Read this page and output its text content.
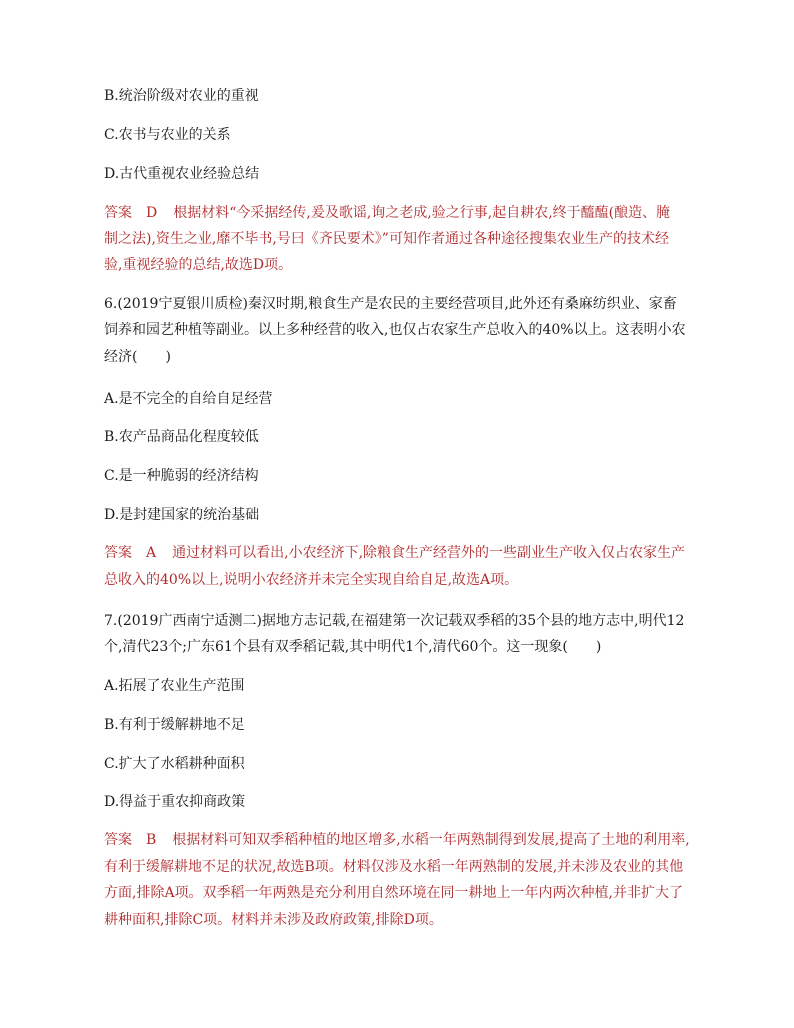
B.统治阶级对农业的重视
C.农书与农业的关系
D.古代重视农业经验总结
答案 D 根据材料“今采据经传,爰及歌谣,询之老成,验之行事,起自耕农,终于醯醢(酿造、腌
制之法),资生之业,靡不毕书,号曰《齐民要术》”可知作者通过各种途径搜集农业生产的技术经
验,重视经验的总结,故选D项。
6.(2019宁夏银川质检)秦汉时期,粮食生产是农民的主要经营项目,此外还有桑麻纺织业、家畜
饲养和园艺种植等副业。以上多种经营的收入,也仅占农家生产总收入的40%以上。这表明小农
经济(　　)
A.是不完全的自给自足经营
B.农产品商品化程度较低
C.是一种脆弱的经济结构
D.是封建国家的统治基础
答案 A 通过材料可以看出,小农经济下,除粮食生产经营外的一些副业生产收入仅占农家生产
总收入的40%以上,说明小农经济并未完全实现自给自足,故选A项。
7.(2019广西南宁适测二)据地方志记载,在福建第一次记载双季稻的35个县的地方志中,明代12
个,清代23个;广东61个县有双季稻记载,其中明代1个,清代60个。这一现象(　　)
A.拓展了农业生产范围
B.有利于缓解耕地不足
C.扩大了水稻耕种面积
D.得益于重农抑商政策
答案 B 根据材料可知双季稻种植的地区增多,水稻一年两熟制得到发展,提高了土地的利用率,
有利于缓解耕地不足的状况,故选B项。材料仅涉及水稻一年两熟制的发展,并未涉及农业的其他
方面,排除A项。双季稻一年两熟是充分利用自然环境在同一耕地上一年内两次种植,并非扩大了
耕种面积,排除C项。材料并未涉及政府政策,排除D项。
